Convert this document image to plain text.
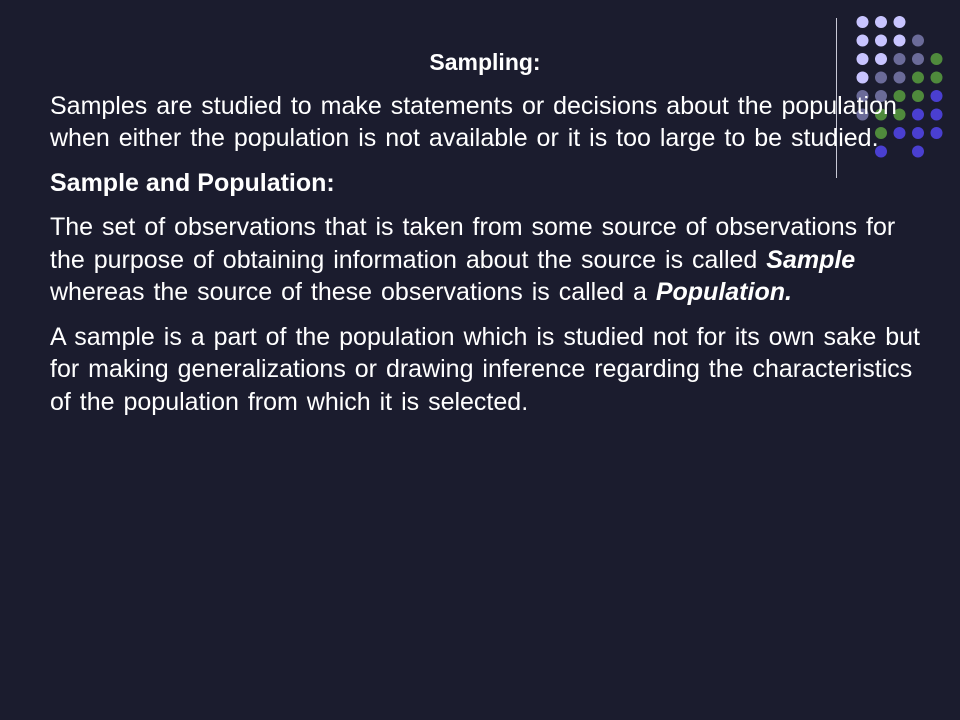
Sampling:

Samples are studied to make statements or decisions about the population when either the population is not available or it is too large to be studied.

Sample and Population:

The set of observations that is taken from some source of observations for the purpose of obtaining information about the source is called Sample whereas the source of these observations is called a Population.

A sample is a part of the population which is studied not for its own sake but for making generalizations or drawing inference regarding the characteristics of the population from which it is selected.
